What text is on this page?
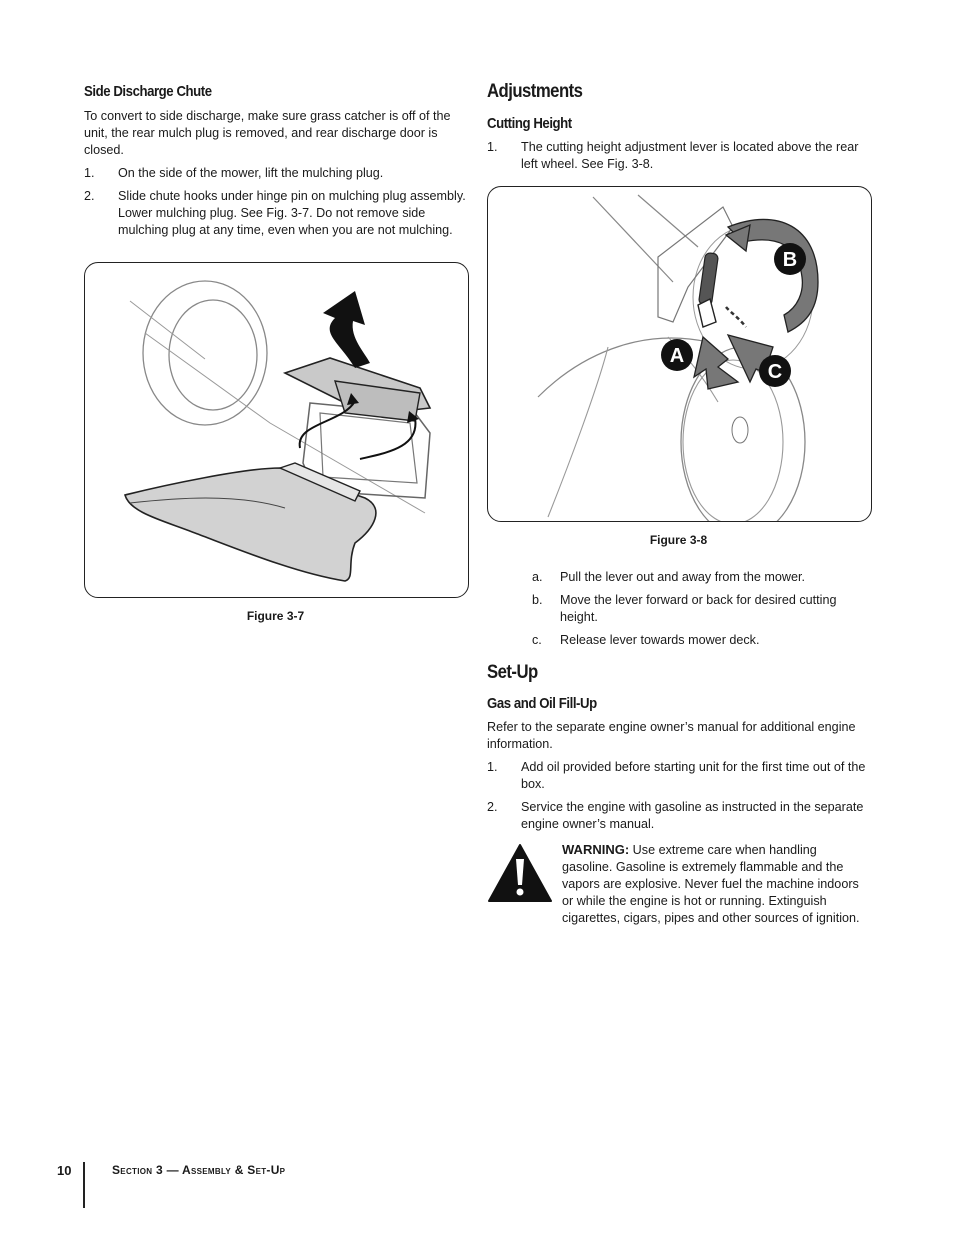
Side Discharge Chute

To convert to side discharge, make sure grass catcher is off of the unit, the rear mulch plug is removed, and rear discharge door is closed.

1. On the side of the mower, lift the mulching plug.
2. Slide chute hooks under hinge pin on mulching plug assembly. Lower mulching plug. See Fig. 3-7. Do not remove side mulching plug at any time, even when you are not mulching.
Figure 3-7
Adjustments
Cutting Height
1. The cutting height adjustment lever is located above the rear left wheel. See Fig. 3-8.
B
A
C
Figure 3-8
a. Pull the lever out and away from the mower.
b. Move the lever forward or back for desired cutting height.
c. Release lever towards mower deck.
Set-Up
Gas and Oil Fill-Up

Refer to the separate engine owner’s manual for additional engine information.

1. Add oil provided before starting unit for the first time out of the box.
2. Service the engine with gasoline as instructed in the separate engine owner’s manual.

WARNING: Use extreme care when handling gasoline. Gasoline is extremely flammable and the vapors are explosive. Never fuel the machine indoors or while the engine is hot or running. Extinguish cigarettes, cigars, pipes and other sources of ignition.

10	Section 3 — Assembly & Set-Up
